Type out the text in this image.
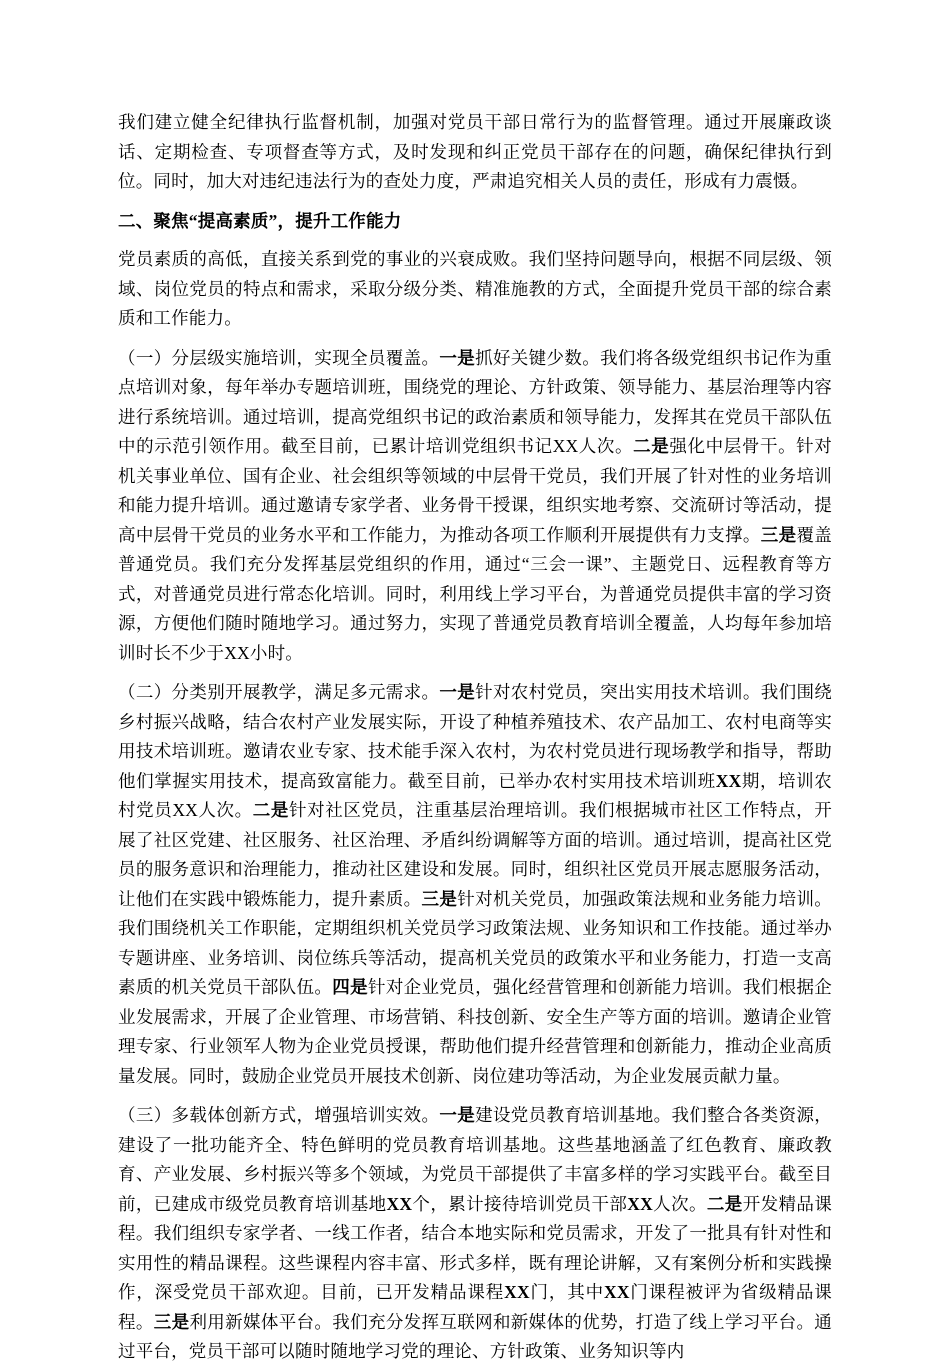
我们建立健全纪律执行监督机制，加强对党员干部日常行为的监督管理。通过开展廉政谈话、定期检查、专项督查等方式，及时发现和纠正党员干部存在的问题，确保纪律执行到位。同时，加大对违纪违法行为的查处力度，严肃追究相关人员的责任，形成有力震慑。

二、聚焦“提高素质”，提升工作能力

党员素质的高低，直接关系到党的事业的兴衰成败。我们坚持问题导向，根据不同层级、领域、岗位党员的特点和需求，采取分级分类、精准施教的方式，全面提升党员干部的综合素质和工作能力。

（一）分层级实施培训，实现全员覆盖。一是抓好关键少数。我们将各级党组织书记作为重点培训对象，每年举办专题培训班，围绕党的理论、方针政策、领导能力、基层治理等内容进行系统培训。通过培训，提高党组织书记的政治素质和领导能力，发挥其在党员干部队伍中的示范引领作用。截至目前，已累计培训党组织书记XX人次。二是强化中层骨干。针对机关事业单位、国有企业、社会组织等领域的中层骨干党员，我们开展了针对性的业务培训和能力提升培训。通过邀请专家学者、业务骨干授课，组织实地考察、交流研讨等活动，提高中层骨干党员的业务水平和工作能力，为推动各项工作顺利开展提供有力支撑。三是覆盖普通党员。我们充分发挥基层党组织的作用，通过“三会一课”、主题党日、远程教育等方式，对普通党员进行常态化培训。同时，利用线上学习平台，为普通党员提供丰富的学习资源，方便他们随时随地学习。通过努力，实现了普通党员教育培训全覆盖，人均每年参加培训时长不少于XX小时。

（二）分类别开展教学，满足多元需求。一是针对农村党员，突出实用技术培训。我们围绕乡村振兴战略，结合农村产业发展实际，开设了种植养殖技术、农产品加工、农村电商等实用技术培训班。邀请农业专家、技术能手深入农村，为农村党员进行现场教学和指导，帮助他们掌握实用技术，提高致富能力。截至目前，已举办农村实用技术培训班XX期，培训农村党员XX人次。二是针对社区党员，注重基层治理培训。我们根据城市社区工作特点，开展了社区党建、社区服务、社区治理、矛盾纠纷调解等方面的培训。通过培训，提高社区党员的服务意识和治理能力，推动社区建设和发展。同时，组织社区党员开展志愿服务活动，让他们在实践中锻炼能力，提升素质。三是针对机关党员，加强政策法规和业务能力培训。我们围绕机关工作职能，定期组织机关党员学习政策法规、业务知识和工作技能。通过举办专题讲座、业务培训、岗位练兵等活动，提高机关党员的政策水平和业务能力，打造一支高素质的机关党员干部队伍。四是针对企业党员，强化经营管理和创新能力培训。我们根据企业发展需求，开展了企业管理、市场营销、科技创新、安全生产等方面的培训。邀请企业管理专家、行业领军人物为企业党员授课，帮助他们提升经营管理和创新能力，推动企业高质量发展。同时，鼓励企业党员开展技术创新、岗位建功等活动，为企业发展贡献力量。

（三）多载体创新方式，增强培训实效。一是建设党员教育培训基地。我们整合各类资源，建设了一批功能齐全、特色鲜明的党员教育培训基地。这些基地涵盖了红色教育、廉政教育、产业发展、乡村振兴等多个领域，为党员干部提供了丰富多样的学习实践平台。截至目前，已建成市级党员教育培训基地XX个，累计接待培训党员干部XX人次。二是开发精品课程。我们组织专家学者、一线工作者，结合本地实际和党员需求，开发了一批具有针对性和实用性的精品课程。这些课程内容丰富、形式多样，既有理论讲解，又有案例分析和实践操作，深受党员干部欢迎。目前，已开发精品课程XX门，其中XX门课程被评为省级精品课程。三是利用新媒体平台。我们充分发挥互联网和新媒体的优势，打造了线上学习平台。通过平台，党员干部可以随时随地学习党的理论、方针政策、业务知识等内
